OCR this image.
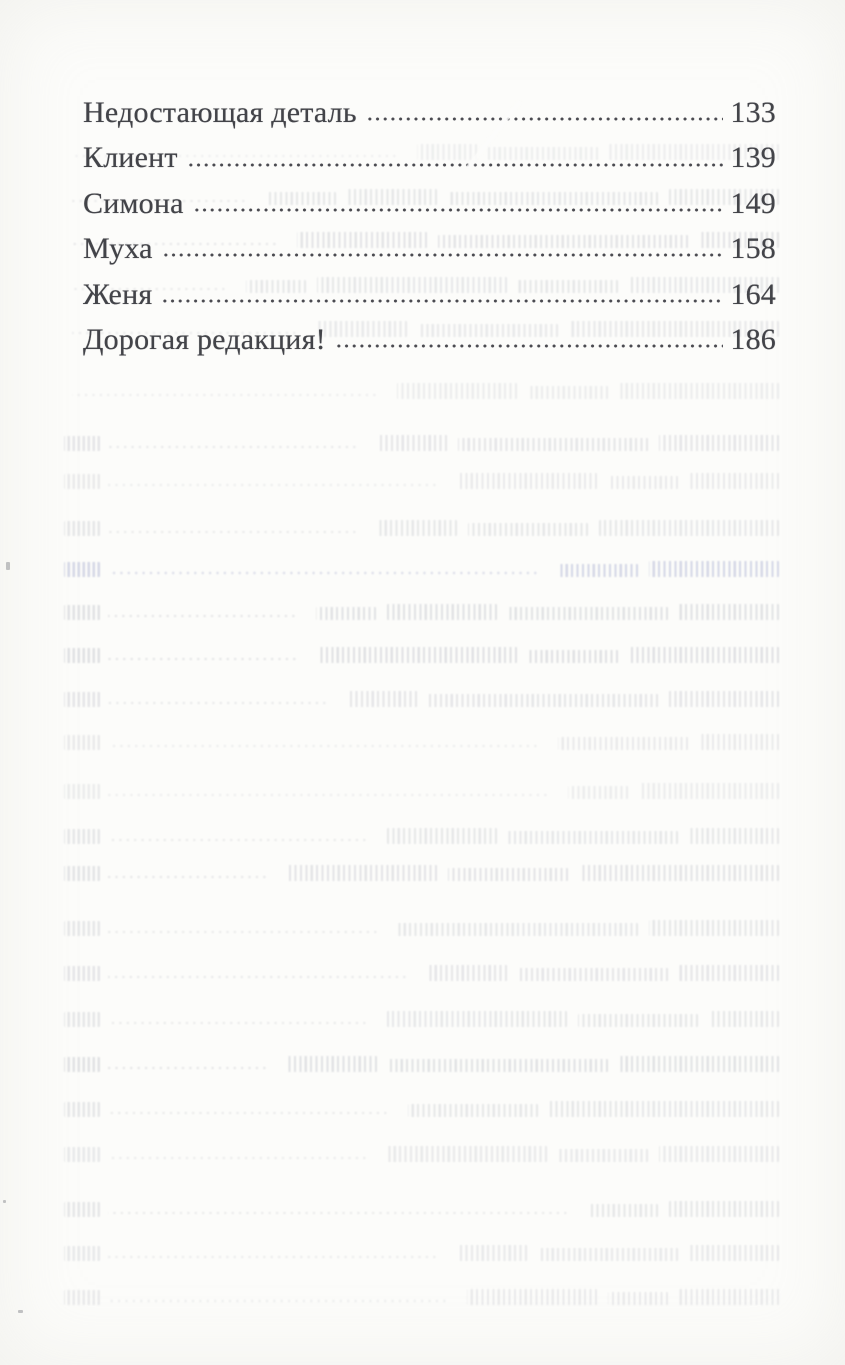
Недостающая деталь	133
Клиент	139
Симона	149
Муха	158
Женя	164
Дорогая редакция!	186
